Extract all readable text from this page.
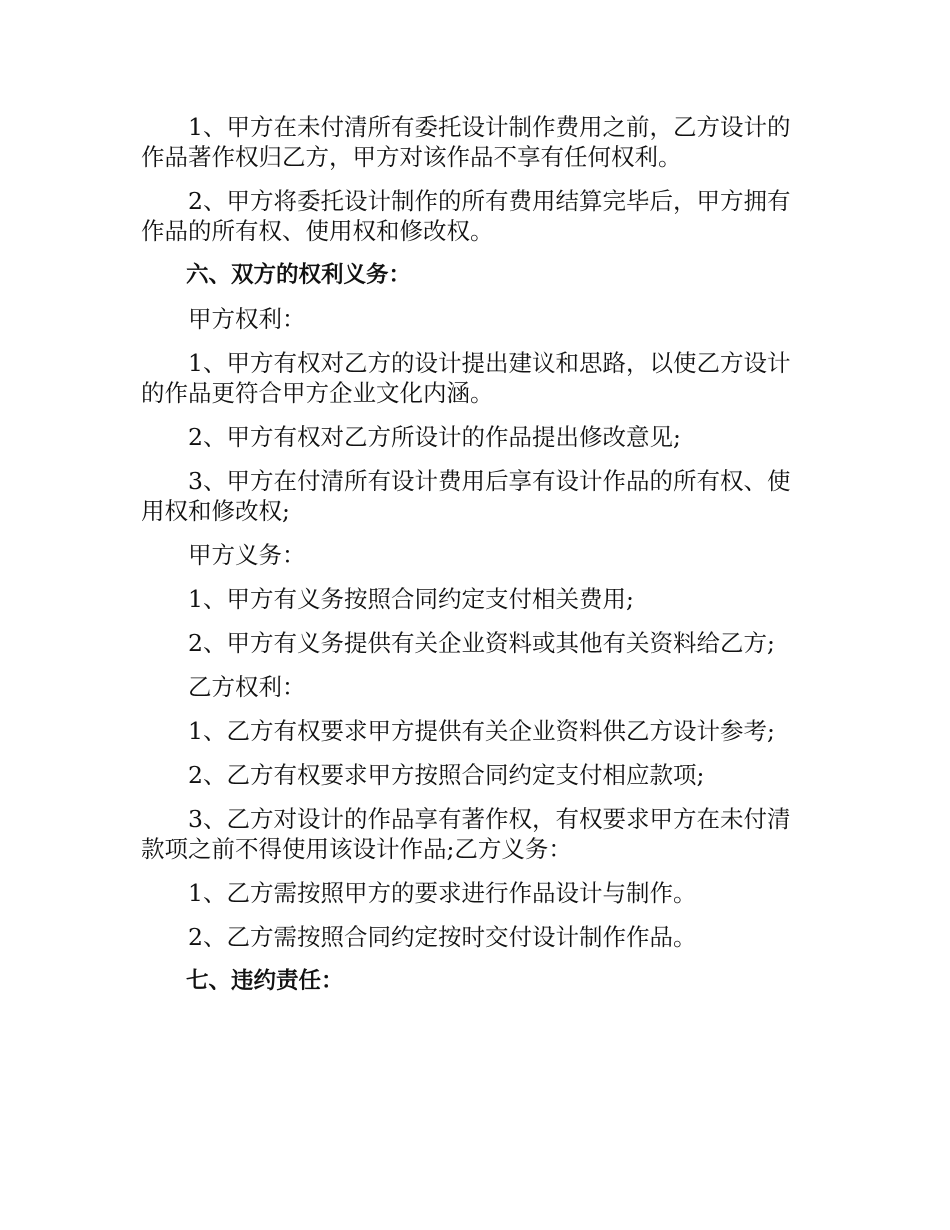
1、甲方在未付清所有委托设计制作费用之前，乙方设计的作品著作权归乙方，甲方对该作品不享有任何权利。

2、甲方将委托设计制作的所有费用结算完毕后，甲方拥有作品的所有权、使用权和修改权。

六、双方的权利义务：

甲方权利：

1、甲方有权对乙方的设计提出建议和思路，以使乙方设计的作品更符合甲方企业文化内涵。

2、甲方有权对乙方所设计的作品提出修改意见;

3、甲方在付清所有设计费用后享有设计作品的所有权、使用权和修改权;

甲方义务：

1、甲方有义务按照合同约定支付相关费用;

2、甲方有义务提供有关企业资料或其他有关资料给乙方;

乙方权利：

1、乙方有权要求甲方提供有关企业资料供乙方设计参考;

2、乙方有权要求甲方按照合同约定支付相应款项;

3、乙方对设计的作品享有著作权，有权要求甲方在未付清款项之前不得使用该设计作品;乙方义务：

1、乙方需按照甲方的要求进行作品设计与制作。

2、乙方需按照合同约定按时交付设计制作作品。

七、违约责任：
